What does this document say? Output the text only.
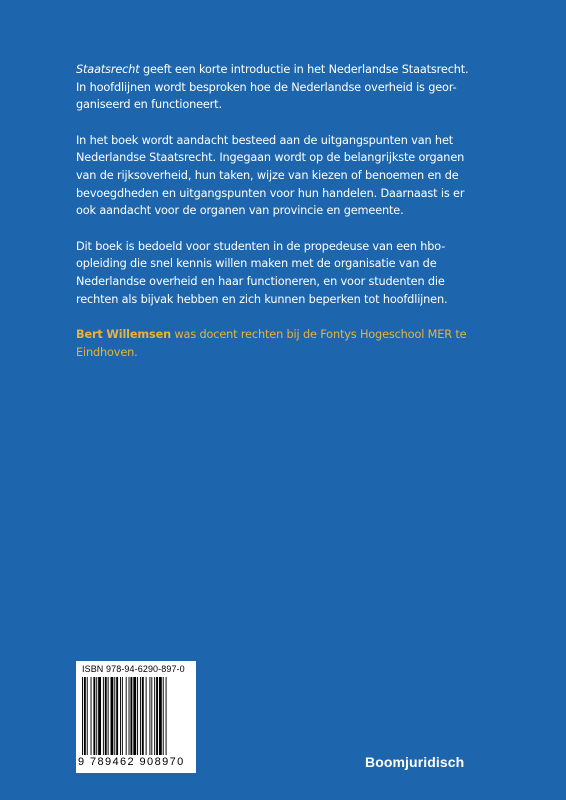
Staatsrecht geeft een korte introductie in het Nederlandse Staatsrecht.
In hoofdlijnen wordt besproken hoe de Nederlandse overheid is geor-
ganiseerd en functioneert.

In het boek wordt aandacht besteed aan de uitgangspunten van het
Nederlandse Staatsrecht. Ingegaan wordt op de belangrijkste organen
van de rijksoverheid, hun taken, wijze van kiezen of benoemen en de
bevoegdheden en uitgangspunten voor hun handelen. Daarnaast is er
ook aandacht voor de organen van provincie en gemeente.

Dit boek is bedoeld voor studenten in de propedeuse van een hbo-
opleiding die snel kennis willen maken met de organisatie van de
Nederlandse overheid en haar functioneren, en voor studenten die
rechten als bijvak hebben en zich kunnen beperken tot hoofdlijnen.

Bert Willemsen was docent rechten bij de Fontys Hogeschool MER te
Eindhoven.

ISBN 978-94-6290-897-0
9 789462 908970	Boomjuridisch
